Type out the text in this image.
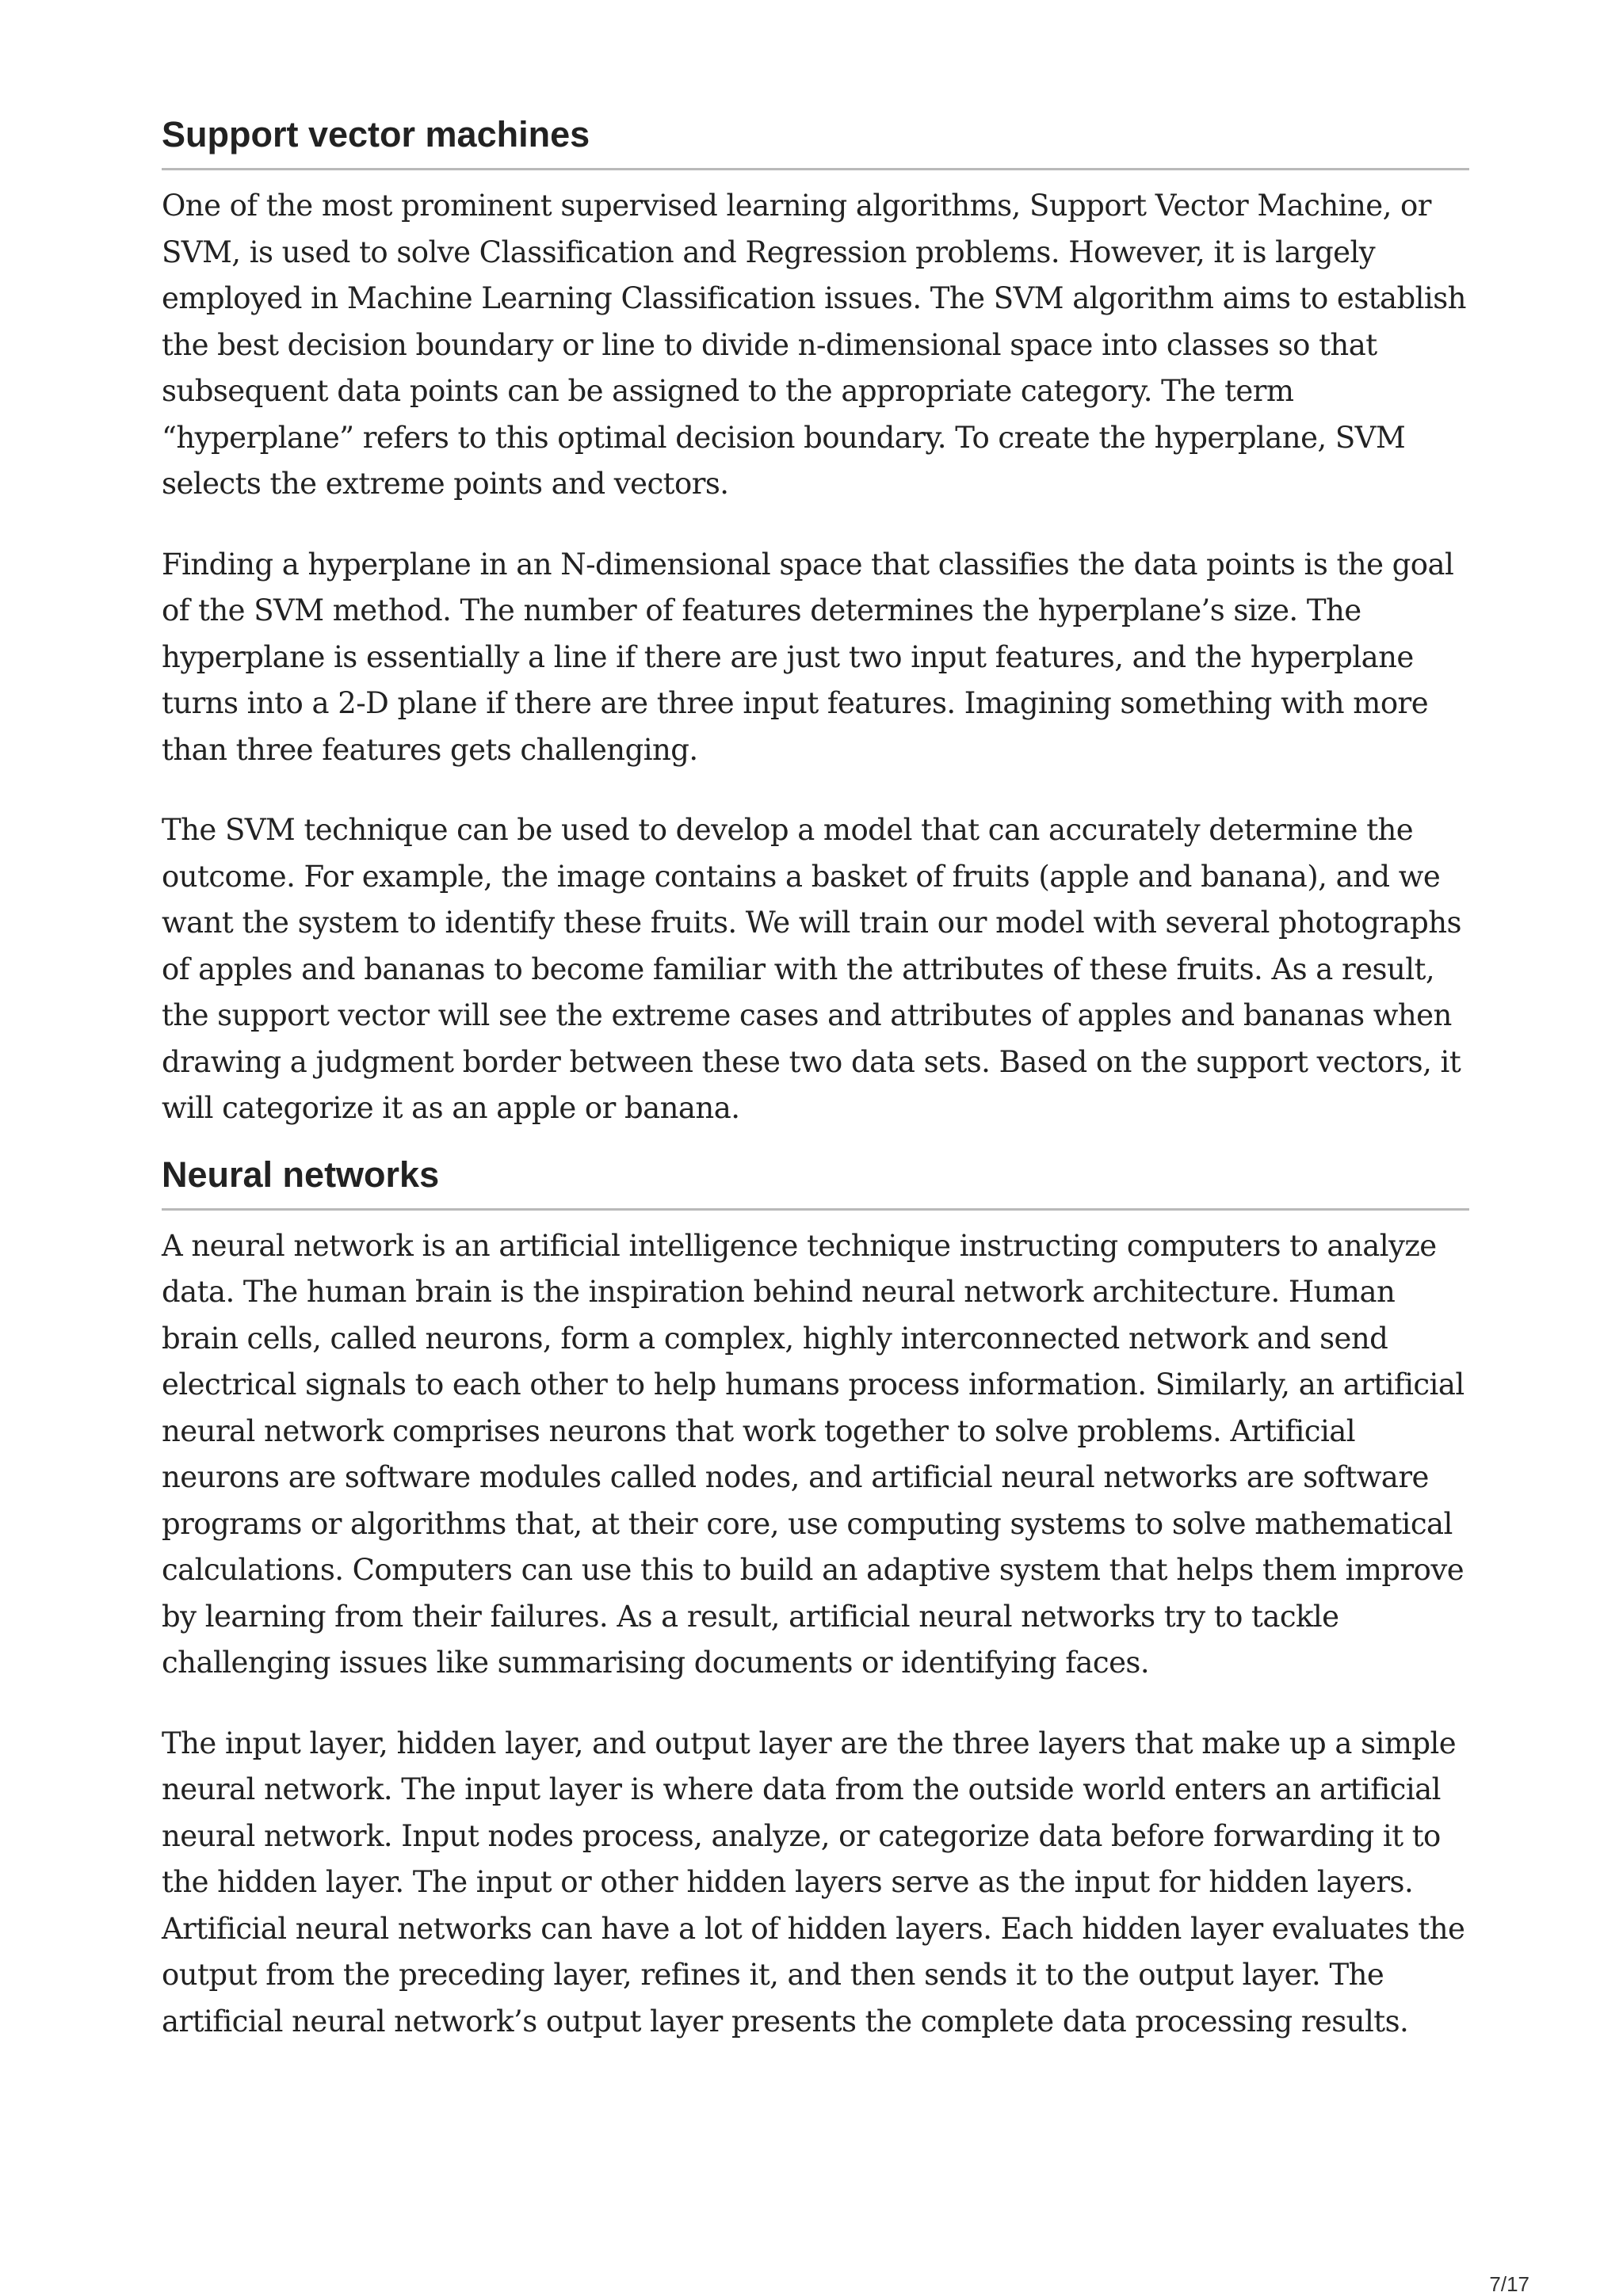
Support vector machines

One of the most prominent supervised learning algorithms, Support Vector Machine, or SVM, is used to solve Classification and Regression problems. However, it is largely employed in Machine Learning Classification issues. The SVM algorithm aims to establish the best decision boundary or line to divide n-dimensional space into classes so that subsequent data points can be assigned to the appropriate category. The term “hyperplane” refers to this optimal decision boundary. To create the hyperplane, SVM selects the extreme points and vectors.

Finding a hyperplane in an N-dimensional space that classifies the data points is the goal of the SVM method. The number of features determines the hyperplane’s size. The hyperplane is essentially a line if there are just two input features, and the hyperplane turns into a 2-D plane if there are three input features. Imagining something with more than three features gets challenging.

The SVM technique can be used to develop a model that can accurately determine the outcome. For example, the image contains a basket of fruits (apple and banana), and we want the system to identify these fruits. We will train our model with several photographs of apples and bananas to become familiar with the attributes of these fruits. As a result, the support vector will see the extreme cases and attributes of apples and bananas when drawing a judgment border between these two data sets. Based on the support vectors, it will categorize it as an apple or banana.

Neural networks

A neural network is an artificial intelligence technique instructing computers to analyze data. The human brain is the inspiration behind neural network architecture. Human brain cells, called neurons, form a complex, highly interconnected network and send electrical signals to each other to help humans process information. Similarly, an artificial neural network comprises neurons that work together to solve problems. Artificial neurons are software modules called nodes, and artificial neural networks are software programs or algorithms that, at their core, use computing systems to solve mathematical calculations. Computers can use this to build an adaptive system that helps them improve by learning from their failures. As a result, artificial neural networks try to tackle challenging issues like summarising documents or identifying faces.

The input layer, hidden layer, and output layer are the three layers that make up a simple neural network. The input layer is where data from the outside world enters an artificial neural network. Input nodes process, analyze, or categorize data before forwarding it to the hidden layer. The input or other hidden layers serve as the input for hidden layers. Artificial neural networks can have a lot of hidden layers. Each hidden layer evaluates the output from the preceding layer, refines it, and then sends it to the output layer. The artificial neural network’s output layer presents the complete data processing results.

7/17
